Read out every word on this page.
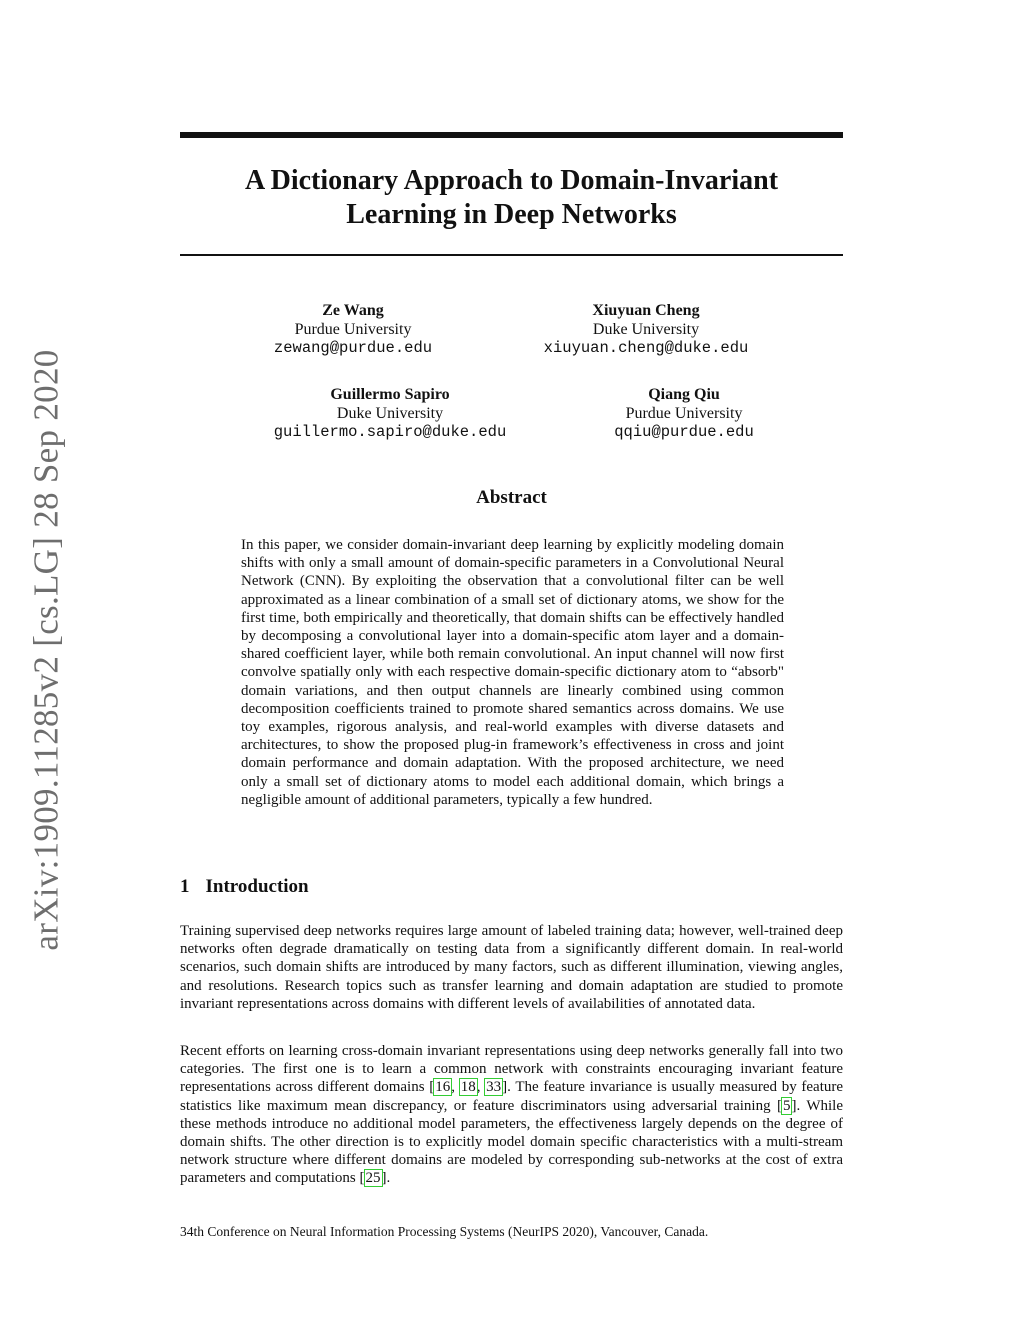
arXiv:1909.11285v2 [cs.LG] 28 Sep 2020
A Dictionary Approach to Domain-Invariant
Learning in Deep Networks
Ze Wang
Purdue University
zewang@purdue.edu
Xiuyuan Cheng
Duke University
xiuyuan.cheng@duke.edu
Guillermo Sapiro
Duke University
guillermo.sapiro@duke.edu
Qiang Qiu
Purdue University
qqiu@purdue.edu
Abstract

In this paper, we consider domain-invariant deep learning by explicitly modeling domain shifts with only a small amount of domain-specific parameters in a Convolutional Neural Network (CNN). By exploiting the observation that a convolutional filter can be well approximated as a linear combination of a small set of dictionary atoms, we show for the first time, both empirically and theoretically, that domain shifts can be effectively handled by decomposing a convolutional layer into a domain-specific atom layer and a domain-shared coefficient layer, while both remain convolutional. An input channel will now first convolve spatially only with each respective domain-specific dictionary atom to “absorb" domain variations, and then output channels are linearly combined using common decomposition coefficients trained to promote shared semantics across domains. We use toy examples, rigorous analysis, and real-world examples with diverse datasets and architectures, to show the proposed plug-in framework’s effectiveness in cross and joint domain performance and domain adaptation. With the proposed architecture, we need only a small set of dictionary atoms to model each additional domain, which brings a negligible amount of additional parameters, typically a few hundred.

1 Introduction

Training supervised deep networks requires large amount of labeled training data; however, well-trained deep networks often degrade dramatically on testing data from a significantly different domain. In real-world scenarios, such domain shifts are introduced by many factors, such as different illumination, viewing angles, and resolutions. Research topics such as transfer learning and domain adaptation are studied to promote invariant representations across domains with different levels of availabilities of annotated data.

Recent efforts on learning cross-domain invariant representations using deep networks generally fall into two categories. The first one is to learn a common network with constraints encouraging invariant feature representations across different domains [16, 18, 33]. The feature invariance is usually measured by feature statistics like maximum mean discrepancy, or feature discriminators using adversarial training [5]. While these methods introduce no additional model parameters, the effectiveness largely depends on the degree of domain shifts. The other direction is to explicitly model domain specific characteristics with a multi-stream network structure where different domains are modeled by corresponding sub-networks at the cost of extra parameters and computations [25].

34th Conference on Neural Information Processing Systems (NeurIPS 2020), Vancouver, Canada.
